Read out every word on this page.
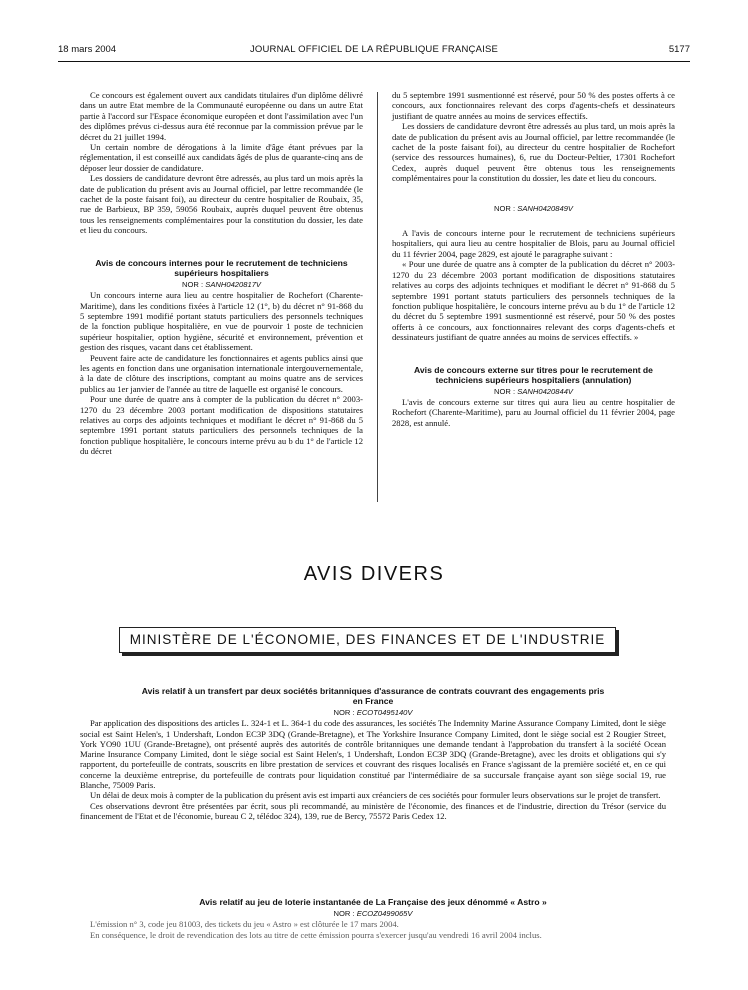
18 mars 2004	JOURNAL OFFICIEL DE LA RÉPUBLIQUE FRANÇAISE	5177

Ce concours est également ouvert aux candidats titulaires d'un diplôme délivré dans un autre Etat membre de la Communauté européenne ou dans un autre Etat partie à l'accord sur l'Espace économique européen et dont l'assimilation avec l'un des diplômes prévus ci-dessus aura été reconnue par la commission prévue par le décret du 21 juillet 1994.

Un certain nombre de dérogations à la limite d'âge étant prévues par la réglementation, il est conseillé aux candidats âgés de plus de quarante-cinq ans de déposer leur dossier de candidature.

Les dossiers de candidature devront être adressés, au plus tard un mois après la date de publication du présent avis au Journal officiel, par lettre recommandée (le cachet de la poste faisant foi), au directeur du centre hospitalier de Roubaix, 35, rue de Barbieux, BP 359, 59056 Roubaix, auprès duquel peuvent être obtenus tous les renseignements complémentaires pour la constitution du dossier, les date et lieu du concours.

Avis de concours internes pour le recrutement de techniciens supérieurs hospitaliers

NOR : SANH0420817V

Un concours interne aura lieu au centre hospitalier de Rochefort (Charente-Maritime), dans les conditions fixées à l'article 12 (1°, b) du décret n° 91-868 du 5 septembre 1991 modifié portant statuts particuliers des personnels techniques de la fonction publique hospitalière, en vue de pourvoir 1 poste de technicien supérieur hospitalier, option hygiène, sécurité et environnement, prévention et gestion des risques, vacant dans cet établissement.

Peuvent faire acte de candidature les fonctionnaires et agents publics ainsi que les agents en fonction dans une organisation internationale intergouvernementale, à la date de clôture des inscriptions, comptant au moins quatre ans de services publics au 1er janvier de l'année au titre de laquelle est organisé le concours.

Pour une durée de quatre ans à compter de la publication du décret n° 2003-1270 du 23 décembre 2003 portant modification de dispositions statutaires relatives au corps des adjoints techniques et modifiant le décret n° 91-868 du 5 septembre 1991 portant statuts particuliers des personnels techniques de la fonction publique hospitalière, le concours interne prévu au b du 1° de l'article 12 du décret

du 5 septembre 1991 susmentionné est réservé, pour 50 % des postes offerts à ce concours, aux fonctionnaires relevant des corps d'agents-chefs et dessinateurs justifiant de quatre années au moins de services effectifs.

Les dossiers de candidature devront être adressés au plus tard, un mois après la date de publication du présent avis au Journal officiel, par lettre recommandée (le cachet de la poste faisant foi), au directeur du centre hospitalier de Rochefort (service des ressources humaines), 6, rue du Docteur-Peltier, 17301 Rochefort Cedex, auprès duquel peuvent être obtenus tous les renseignements complémentaires pour la constitution du dossier, les date et lieu du concours.

NOR : SANH0420849V

A l'avis de concours interne pour le recrutement de techniciens supérieurs hospitaliers, qui aura lieu au centre hospitalier de Blois, paru au Journal officiel du 11 février 2004, page 2829, est ajouté le paragraphe suivant :

« Pour une durée de quatre ans à compter de la publication du décret n° 2003-1270 du 23 décembre 2003 portant modification de dispositions statutaires relatives au corps des adjoints techniques et modifiant le décret n° 91-868 du 5 septembre 1991 portant statuts particuliers des personnels techniques de la fonction publique hospitalière, le concours interne prévu au b du 1° de l'article 12 du décret du 5 septembre 1991 susmentionné est réservé, pour 50 % des postes offerts à ce concours, aux fonctionnaires relevant des corps d'agents-chefs et dessinateurs justifiant de quatre années au moins de services effectifs. »

Avis de concours externe sur titres pour le recrutement de techniciens supérieurs hospitaliers (annulation)

NOR : SANH0420844V

L'avis de concours externe sur titres qui aura lieu au centre hospitalier de Rochefort (Charente-Maritime), paru au Journal officiel du 11 février 2004, page 2828, est annulé.

AVIS DIVERS
MINISTÈRE DE L'ÉCONOMIE, DES FINANCES ET DE L'INDUSTRIE
Avis relatif à un transfert par deux sociétés britanniques d'assurance de contrats couvrant des engagements pris en France

NOR : ECOT0495140V

Par application des dispositions des articles L. 324-1 et L. 364-1 du code des assurances, les sociétés The Indemnity Marine Assurance Company Limited, dont le siège social est Saint Helen's, 1 Undershaft, London EC3P 3DQ (Grande-Bretagne), et The Yorkshire Insurance Company Limited, dont le siège social est 2 Rougier Street, York YO90 1UU (Grande-Bretagne), ont présenté auprès des autorités de contrôle britanniques une demande tendant à l'approbation du transfert à la société Ocean Marine Insurance Company Limited, dont le siège social est Saint Helen's, 1 Undershaft, London EC3P 3DQ (Grande-Bretagne), avec les droits et obligations qui s'y rapportent, du portefeuille de contrats, souscrits en libre prestation de services et couvrant des risques localisés en France s'agissant de la première société et, en ce qui concerne la deuxième entreprise, du portefeuille de contrats pour liquidation constitué par l'intermédiaire de sa succursale française ayant son siège social 19, rue Blanche, 75009 Paris.

Un délai de deux mois à compter de la publication du présent avis est imparti aux créanciers de ces sociétés pour formuler leurs observations sur le projet de transfert.

Ces observations devront être présentées par écrit, sous pli recommandé, au ministère de l'économie, des finances et de l'industrie, direction du Trésor (service du financement de l'Etat et de l'économie, bureau C 2, télédoc 324), 139, rue de Bercy, 75572 Paris Cedex 12.

Avis relatif au jeu de loterie instantanée de La Française des jeux dénommé « Astro »

NOR : ECOZ0499065V

L'émission n° 3, code jeu 81003, des tickets du jeu « Astro » est clôturée le 17 mars 2004.

En conséquence, le droit de revendication des lots au titre de cette émission pourra s'exercer jusqu'au vendredi 16 avril 2004 inclus.
